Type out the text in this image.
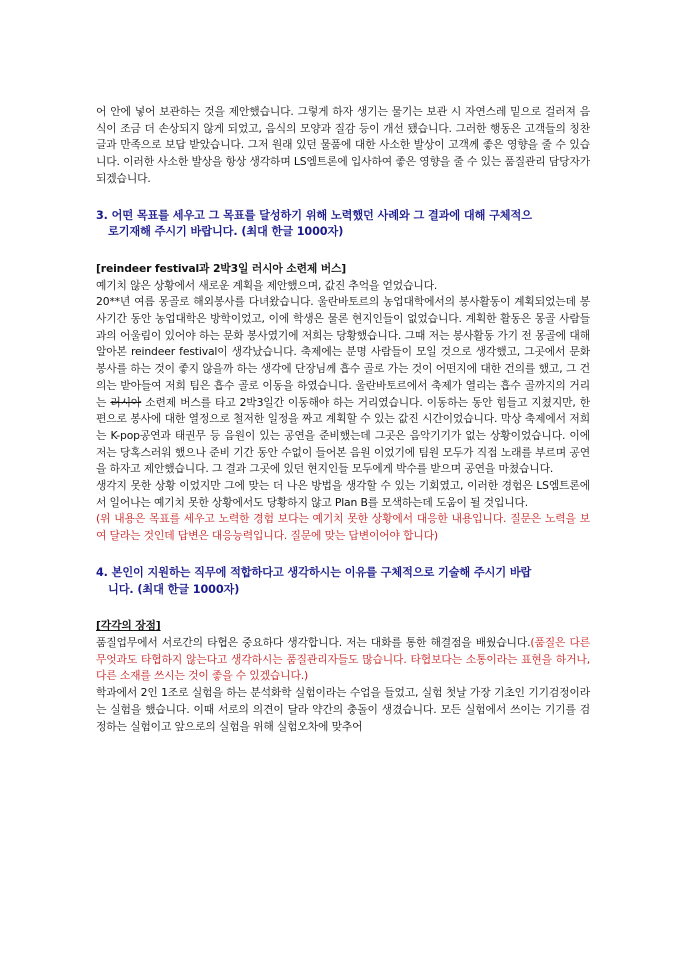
어 안에 넣어 보관하는 것을 제안했습니다. 그렇게 하자 생기는 물기는 보관 시 자연스레 밑으로 걸러져 음식이 조금 더 손상되지 않게 되었고, 음식의 모양과 질감 등이 개선 됐습니다. 그러한 행동은 고객들의 칭찬 글과 만족으로 보답 받았습니다. 그저 원래 있던 물품에 대한 사소한 발상이 고객께 좋은 영향을 줄 수 있습니다. 이러한 사소한 발상을 항상 생각하며 LS엠트론에 입사하여 좋은 영향을 줄 수 있는 품질관리 담당자가 되겠습니다.

3. 어떤 목표를 세우고 그 목표를 달성하기 위해 노력했던 사례와 그 결과에 대해 구체적으
로기재해 주시기 바랍니다. (최대 한글 1000자)

[reindeer festival과 2박3일 러시아 소련제 버스]

예기치 않은 상황에서 새로운 계획을 제안했으며, 값진 추억을 얻었습니다.

20**년 여름 몽골로 해외봉사를 다녀왔습니다. 울란바토르의 농업대학에서의 봉사활동이 계획되었는데 봉사기간 동안 농업대학은 방학이었고, 이에 학생은 물론 현지인들이 없었습니다. 계획한 활동은 몽골 사람들과의 어울림이 있어야 하는 문화 봉사였기에 저희는 당황했습니다. 그때 저는 봉사활동 가기 전 몽골에 대해 알아본 reindeer festival이 생각났습니다. 축제에는 분명 사람들이 모일 것으로 생각했고, 그곳에서 문화 봉사를 하는 것이 좋지 않을까 하는 생각에 단장님께 흡수 골로 가는 것이 어떤지에 대한 건의를 했고, 그 건의는 받아들여 저희 팀은 흡수 골로 이동을 하였습니다. 울란바토르에서 축제가 열리는 흡수 골까지의 거리는 러시아 소련제 버스를 타고 2박3일간 이동해야 하는 거리였습니다. 이동하는 동안 힘들고 지쳤지만, 한편으로 봉사에 대한 열정으로 철저한 일정을 짜고 계획할 수 있는 값진 시간이었습니다. 막상 축제에서 저희는 K-pop공연과 태권무 등 음원이 있는 공연을 준비했는데 그곳은 음악기기가 없는 상황이었습니다. 이에 저는 당혹스러워 했으나 준비 기간 동안 수없이 들어본 음원 이었기에 팀원 모두가 직접 노래를 부르며 공연을 하자고 제안했습니다. 그 결과 그곳에 있던 현지인들 모두에게 박수를 받으며 공연을 마쳤습니다.

생각지 못한 상황 이었지만 그에 맞는 더 나은 방법을 생각할 수 있는 기회였고, 이러한 경험은 LS엠트론에서 일어나는 예기치 못한 상황에서도 당황하지 않고 Plan B를 모색하는데 도움이 될 것입니다.

(위 내용은 목표를 세우고 노력한 경험 보다는 예기치 못한 상황에서 대응한 내용입니다. 질문은 노력을 보여 달라는 것인데 답변은 대응능력입니다. 질문에 맞는 답변이어야 합니다)

4. 본인이 지원하는 직무에 적합하다고 생각하시는 이유를 구체적으로 기술해 주시기 바랍
니다. (최대 한글 1000자)

[각각의 장점]

품질업무에서 서로간의 타협은 중요하다 생각합니다. 저는 대화를 통한 해결점을 배웠습니다.(품질은 다른 무엇과도 타협하지 않는다고 생각하시는 품질관리자들도 많습니다. 타협보다는 소통이라는 표현을 하거나, 다른 소재를 쓰시는 것이 좋을 수 있겠습니다.)

학과에서 2인 1조로 실험을 하는 분석화학 실험이라는 수업을 들었고, 실험 첫날 가장 기초인 기기검정이라는 실험을 했습니다. 이때 서로의 의견이 달라 약간의 충돌이 생겼습니다. 모든 실험에서 쓰이는 기기를 검정하는 실험이고 앞으로의 실험을 위해 실험오차에 맞추어
